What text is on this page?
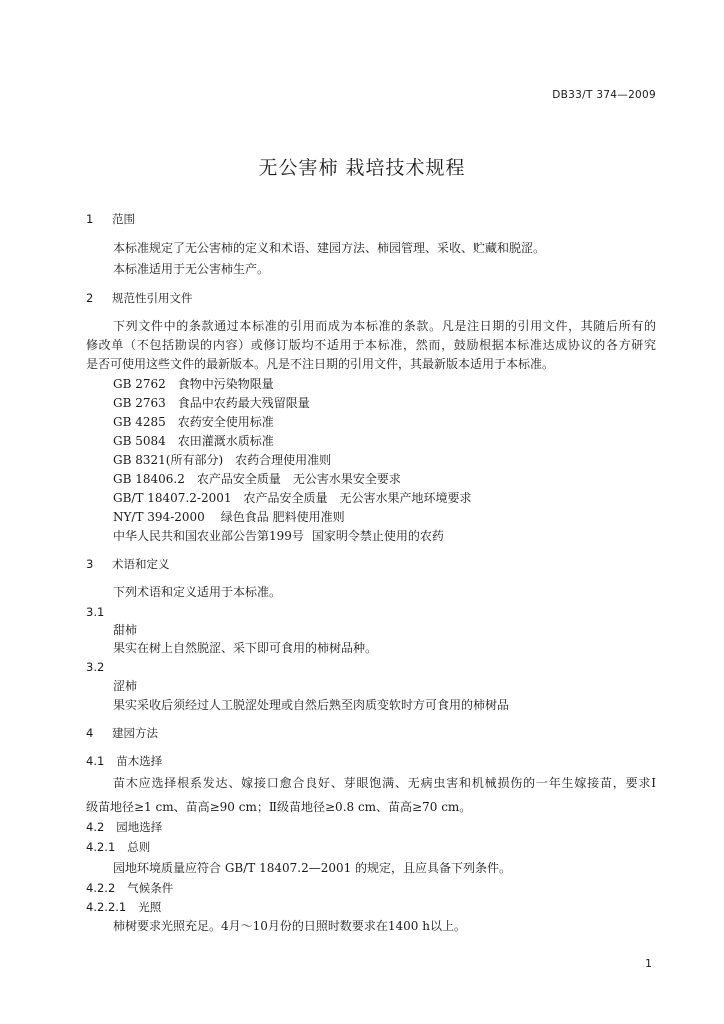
DB33/T 374—2009
无公害柿 栽培技术规程
1 范围
本标准规定了无公害柿的定义和术语、建园方法、柿园管理、采收、贮藏和脱涩。
本标准适用于无公害柿生产。
2 规范性引用文件
下列文件中的条款通过本标准的引用而成为本标准的条款。凡是注日期的引用文件，其随后所有的
修改单（不包括勘误的内容）或修订版均不适用于本标准，然而，鼓励根据本标准达成协议的各方研究
是否可使用这些文件的最新版本。凡是不注日期的引用文件，其最新版本适用于本标准。
GB 2762 食物中污染物限量
GB 2763 食品中农药最大残留限量
GB 4285 农药安全使用标准
GB 5084 农田灌溉水质标准
GB 8321(所有部分) 农药合理使用准则
GB 18406.2 农产品安全质量　无公害水果安全要求
GB/T 18407.2-2001 农产品安全质量　无公害水果产地环境要求
NY/T 394-2000 绿色食品 肥料使用准则
中华人民共和国农业部公告第199号 国家明令禁止使用的农药
3 术语和定义
下列术语和定义适用于本标准。
3.1
甜柿
果实在树上自然脱涩、采下即可食用的柿树品种。
3.2
涩柿
果实采收后须经过人工脱涩处理或自然后熟至肉质变软时方可食用的柿树品
4 建园方法
4.1 苗木选择
苗木应选择根系发达、嫁接口愈合良好、芽眼饱满、无病虫害和机械损伤的一年生嫁接苗，要求Ⅰ
级苗地径≥1 cm、苗高≥90 cm；Ⅱ级苗地径≥0.8 cm、苗高≥70 cm。
4.2 园地选择
4.2.1 总则
园地环境质量应符合 GB/T 18407.2—2001 的规定，且应具备下列条件。
4.2.2 气候条件
4.2.2.1 光照
柿树要求光照充足。4月～10月份的日照时数要求在1400 h以上。
1
